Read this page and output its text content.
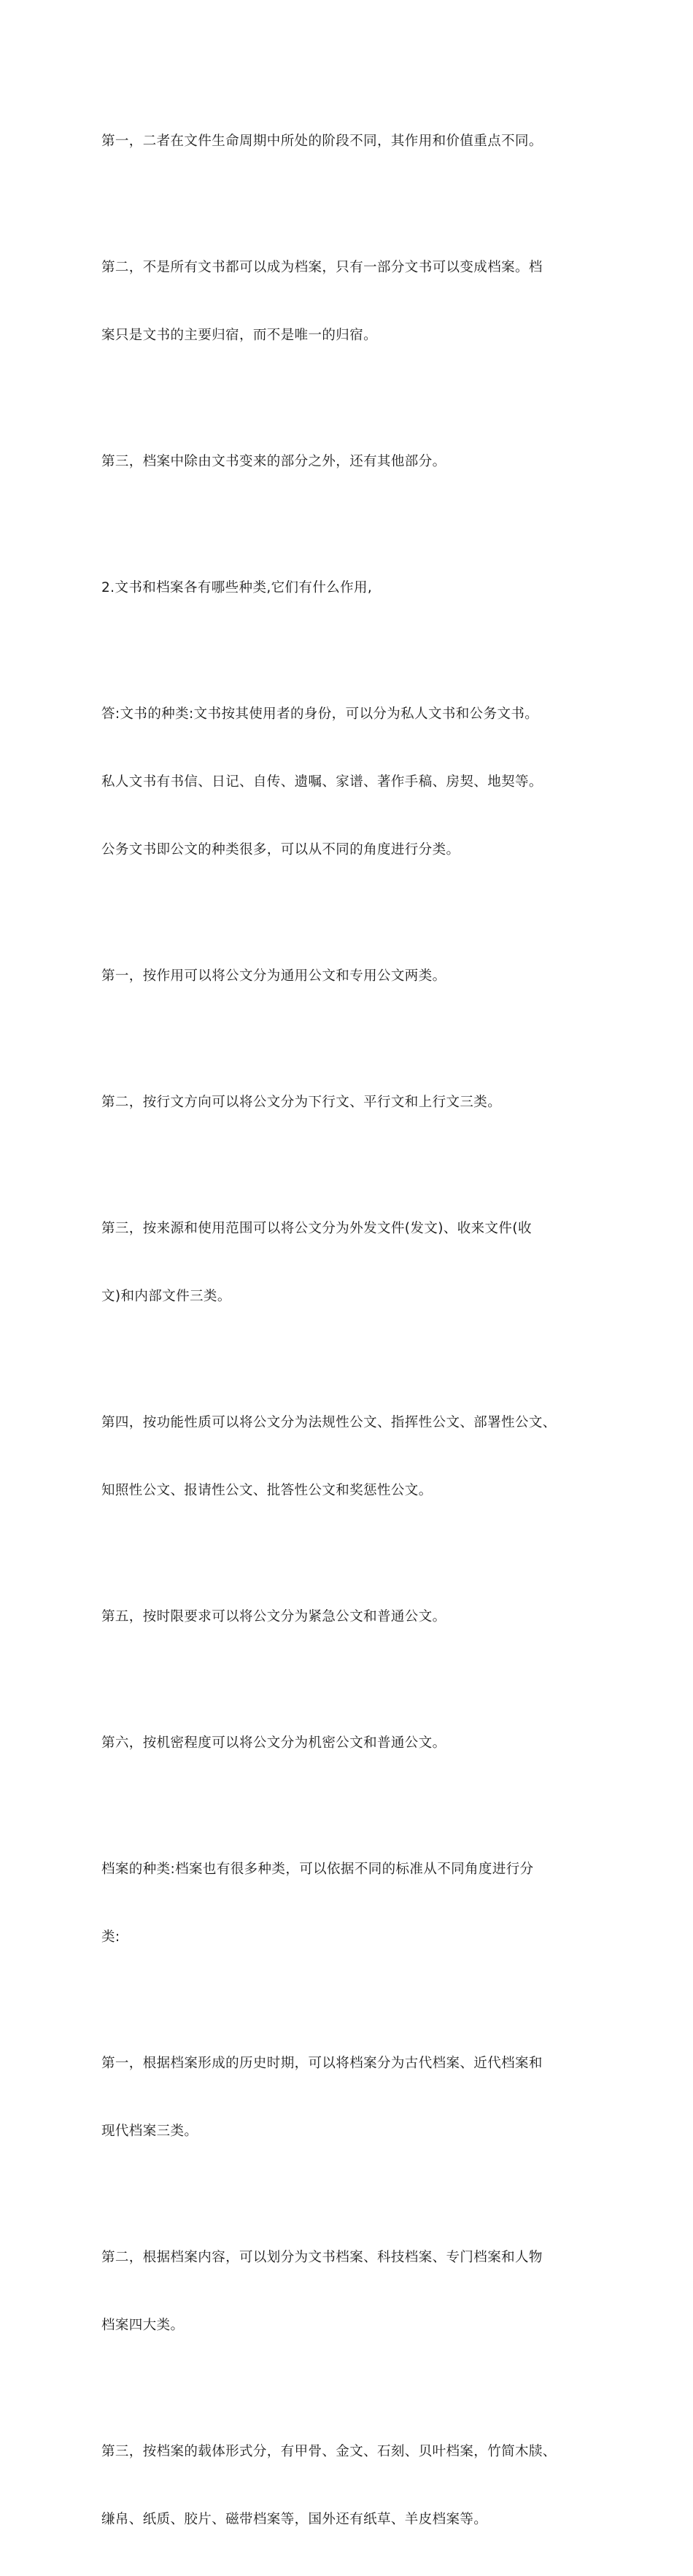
第一，二者在文件生命周期中所处的阶段不同，其作用和价值重点不同。

第二，不是所有文书都可以成为档案，只有一部分文书可以变成档案。档

案只是文书的主要归宿，而不是唯一的归宿。

第三，档案中除由文书变来的部分之外，还有其他部分。

2.文书和档案各有哪些种类,它们有什么作用,

答:文书的种类:文书按其使用者的身份，可以分为私人文书和公务文书。

私人文书有书信、日记、自传、遗嘱、家谱、著作手稿、房契、地契等。

公务文书即公文的种类很多，可以从不同的角度进行分类。

第一，按作用可以将公文分为通用公文和专用公文两类。

第二，按行文方向可以将公文分为下行文、平行文和上行文三类。

第三，按来源和使用范围可以将公文分为外发文件(发文)、收来文件(收

文)和内部文件三类。

第四，按功能性质可以将公文分为法规性公文、指挥性公文、部署性公文、

知照性公文、报请性公文、批答性公文和奖惩性公文。

第五，按时限要求可以将公文分为紧急公文和普通公文。

第六，按机密程度可以将公文分为机密公文和普通公文。

档案的种类:档案也有很多种类，可以依据不同的标准从不同角度进行分

类:

第一，根据档案形成的历史时期，可以将档案分为古代档案、近代档案和

现代档案三类。

第二，根据档案内容，可以划分为文书档案、科技档案、专门档案和人物

档案四大类。

第三，按档案的载体形式分，有甲骨、金文、石刻、贝叶档案，竹简木牍、

缣帛、纸质、胶片、磁带档案等，国外还有纸草、羊皮档案等。
